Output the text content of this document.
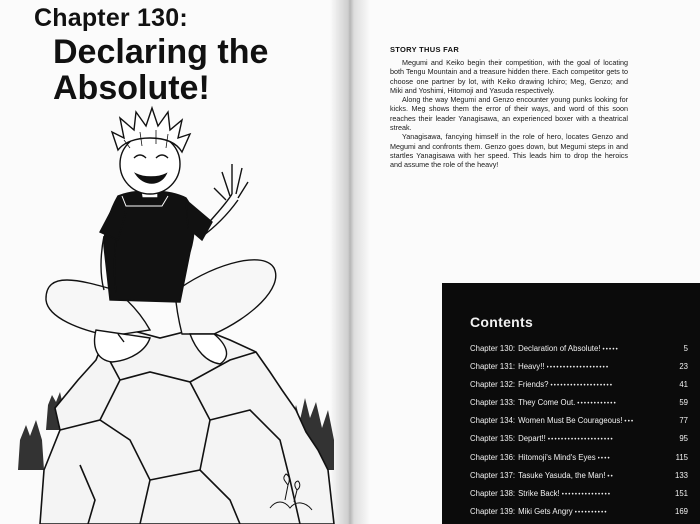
Chapter 130:
Declaring the Absolute!
STORY THUS FAR

Megumi and Keiko begin their competition, with the goal of locating both Tengu Mountain and a treasure hidden there. Each competitor gets to choose one partner by lot, with Keiko drawing Ichiro; Meg, Genzo; and Miki and Yoshimi, Hitomoji and Yasuda respectively.

Along the way Megumi and Genzo encounter young punks looking for kicks. Meg shows them the error of their ways, and word of this soon reaches their leader Yanagisawa, an experienced boxer with a theatrical streak.

Yanagisawa, fancying himself in the role of hero, locates Genzo and Megumi and confronts them. Genzo goes down, but Megumi steps in and startles Yanagisawa with her speed. This leads him to drop the heroics and assume the role of the heavy!

Contents
Chapter 130: Declaration of Absolute! •••••	5
Chapter 131: Heavy!! •••••••••••••••••••	23
Chapter 132: Friends? •••••••••••••••••••	41
Chapter 133: They Come Out. ••••••••••••	59
Chapter 134: Women Must Be Courageous! •••	77
Chapter 135: Depart!! ••••••••••••••••••••	95
Chapter 136: Hitomoji's Mind's Eyes ••••	115
Chapter 137: Tasuke Yasuda, the Man! ••	133
Chapter 138: Strike Back! •••••••••••••••	151
Chapter 139: Miki Gets Angry ••••••••••	169
